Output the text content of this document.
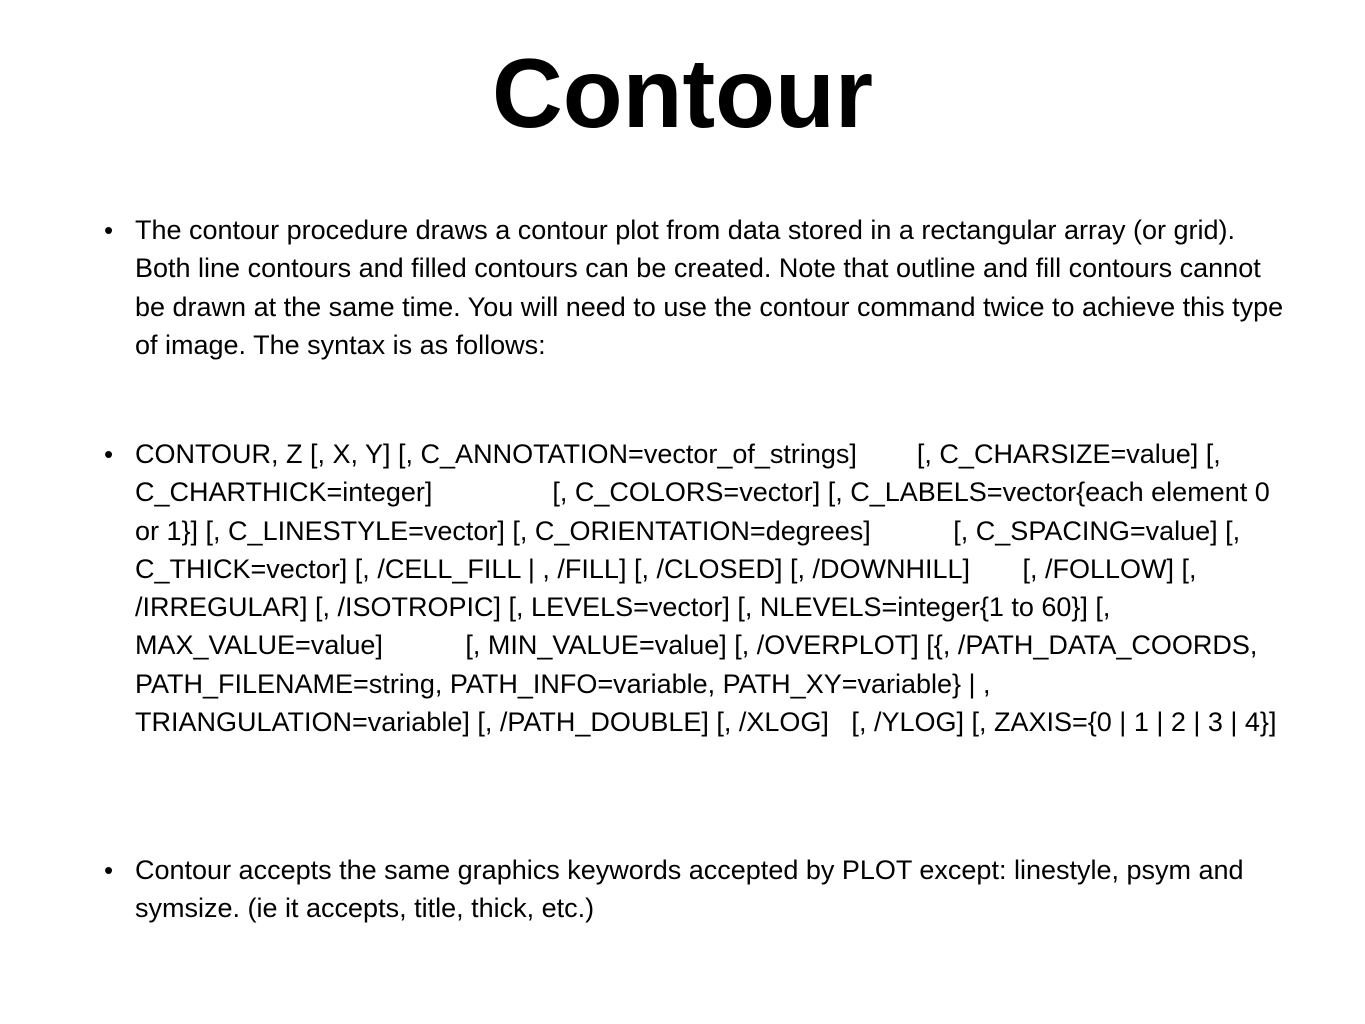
Contour
• The contour procedure draws a contour plot from data stored in a rectangular array (or grid). Both line contours and filled contours can be created. Note that outline and fill contours cannot be drawn at the same time. You will need to use the contour command twice to achieve this type of image. The syntax is as follows:

• CONTOUR, Z [, X, Y] [, C_ANNOTATION=vector_of_strings]        [, C_CHARSIZE=value] [, C_CHARTHICK=integer]                [, C_COLORS=vector] [, C_LABELS=vector{each element 0 or 1}] [, C_LINESTYLE=vector] [, C_ORIENTATION=degrees]           [, C_SPACING=value] [, C_THICK=vector] [, /CELL_FILL | , /FILL] [, /CLOSED] [, /DOWNHILL]       [, /FOLLOW] [, /IRREGULAR] [, /ISOTROPIC] [, LEVELS=vector] [, NLEVELS=integer{1 to 60}] [, MAX_VALUE=value]           [, MIN_VALUE=value] [, /OVERPLOT] [{, /PATH_DATA_COORDS, PATH_FILENAME=string, PATH_INFO=variable, PATH_XY=variable} | , TRIANGULATION=variable] [, /PATH_DOUBLE] [, /XLOG]   [, /YLOG] [, ZAXIS={0 | 1 | 2 | 3 | 4}]

• Contour accepts the same graphics keywords accepted by PLOT except: linestyle, psym and symsize. (ie it accepts, title, thick, etc.)
